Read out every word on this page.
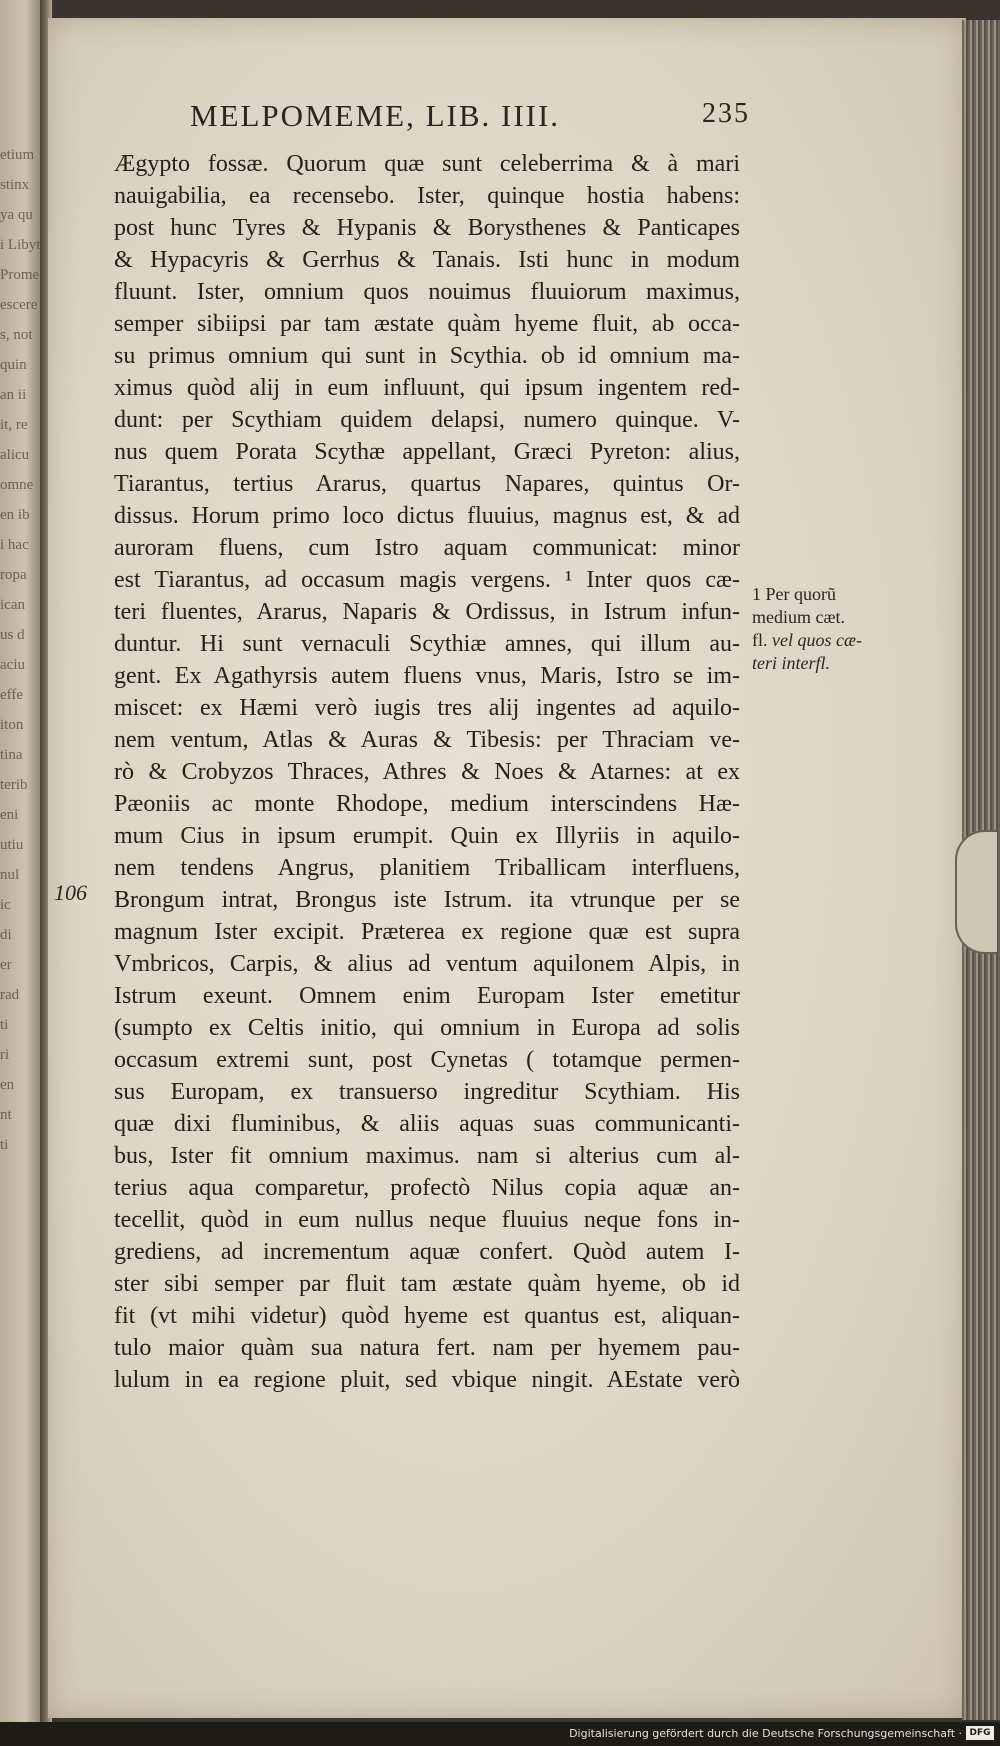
etium
stinx
ya qu
i Libyt
Prome
escere
s, not
quin
an ii
it, re
alicu
omne
en ib
i hac
ropa
ican
us d
aciu
effe
iton
tina
terib
eni
utiu
nul
ic
di
er
rad
ti
ri
en
nt
ti
MELPOMEME, LIB. IIII.	235
Ægypto fossæ. Quorum quæ sunt celeberrima & à mari
nauigabilia, ea recensebo. Ister, quinque hostia habens:
post hunc Tyres & Hypanis & Borysthenes & Panticapes
& Hypacyris & Gerrhus & Tanais. Isti hunc in modum
fluunt. Ister, omnium quos nouimus fluuiorum maximus,
semper sibiipsi par tam æstate quàm hyeme fluit, ab occa-
su primus omnium qui sunt in Scythia. ob id omnium ma-
ximus quòd alij in eum influunt, qui ipsum ingentem red-
dunt: per Scythiam quidem delapsi, numero quinque. V-
nus quem Porata Scythæ appellant, Græci Pyreton: alius,
Tiarantus, tertius Ararus, quartus Napares, quintus Or-
dissus. Horum primo loco dictus fluuius, magnus est, & ad
auroram fluens, cum Istro aquam communicat: minor
est Tiarantus, ad occasum magis vergens. ¹ Inter quos cæ-
teri fluentes, Ararus, Naparis & Ordissus, in Istrum infun-
duntur. Hi sunt vernaculi Scythiæ amnes, qui illum au-
gent. Ex Agathyrsis autem fluens vnus, Maris, Istro se im-
miscet: ex Hæmi verò iugis tres alij ingentes ad aquilo-
nem ventum, Atlas & Auras & Tibesis: per Thraciam ve-
rò & Crobyzos Thraces, Athres & Noes & Atarnes: at ex
Pæoniis ac monte Rhodope, medium interscindens Hæ-
mum Cius in ipsum erumpit. Quin ex Illyriis in aquilo-
nem tendens Angrus, planitiem Triballicam interfluens,
Brongum intrat, Brongus iste Istrum. ita vtrunque per se
magnum Ister excipit. Præterea ex regione quæ est supra
Vmbricos, Carpis, & alius ad ventum aquilonem Alpis, in
Istrum exeunt. Omnem enim Europam Ister emetitur
(sumpto ex Celtis initio, qui omnium in Europa ad solis
occasum extremi sunt, post Cynetas ( totamque permen-
sus Europam, ex transuerso ingreditur Scythiam. His
quæ dixi fluminibus, & aliis aquas suas communicanti-
bus, Ister fit omnium maximus. nam si alterius cum al-
terius aqua comparetur, profectò Nilus copia aquæ an-
tecellit, quòd in eum nullus neque fluuius neque fons in-
grediens, ad incrementum aquæ confert. Quòd autem I-
ster sibi semper par fluit tam æstate quàm hyeme, ob id
fit (vt mihi videtur) quòd hyeme est quantus est, aliquan-
tulo maior quàm sua natura fert. nam per hyemem pau-
lulum in ea regione pluit, sed vbique ningit. AEstate verò
106
1 Per quorũ
medium cæt.
fl. vel quos cæ-
teri interfl.
Digitalisierung gefördert durch die Deutsche Forschungsgemeinschaft · DFG
